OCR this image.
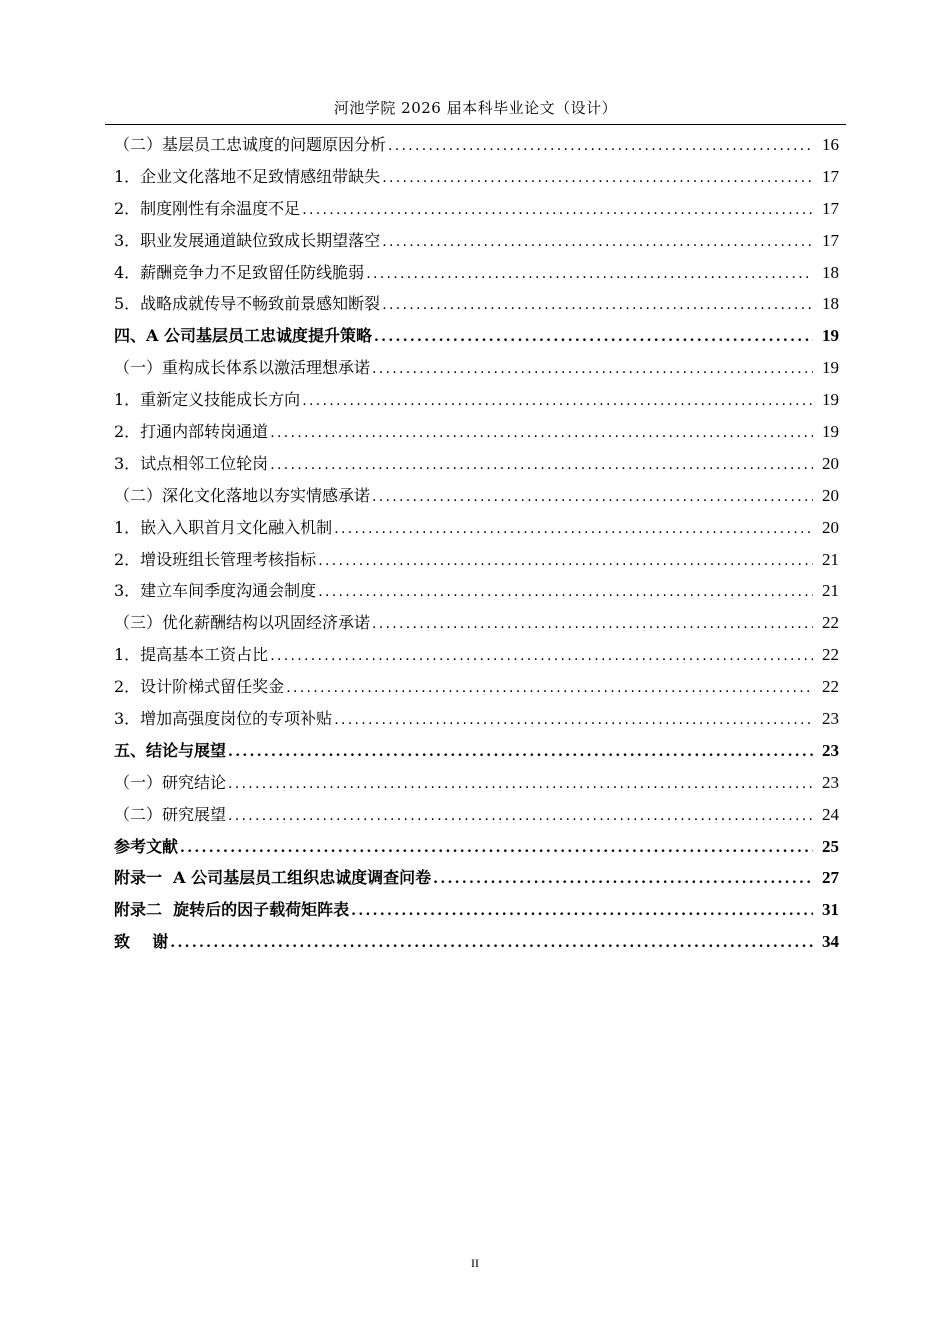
河池学院 2026 届本科毕业论文（设计）
（二）基层员工忠诚度的问题原因分析 .....	16
1．企业文化落地不足致情感纽带缺失 .....	17
2．制度刚性有余温度不足 .....	17
3．职业发展通道缺位致成长期望落空 .....	17
4．薪酬竞争力不足致留任防线脆弱 .....	18
5．战略成就传导不畅致前景感知断裂 .....	18
四、A 公司基层员工忠诚度提升策略 .....	19
（一）重构成长体系以激活理想承诺 .....	19
1．重新定义技能成长方向 .....	19
2．打通内部转岗通道 .....	19
3．试点相邻工位轮岗 .....	20
（二）深化文化落地以夯实情感承诺 .....	20
1．嵌入入职首月文化融入机制 .....	20
2．增设班组长管理考核指标 .....	21
3．建立车间季度沟通会制度 .....	21
（三）优化薪酬结构以巩固经济承诺 .....	22
1．提高基本工资占比 .....	22
2．设计阶梯式留任奖金 .....	22
3．增加高强度岗位的专项补贴 .....	23
五、结论与展望 .....	23
（一）研究结论 .....	23
（二）研究展望 .....	24
参考文献 .....	25
附录一  A 公司基层员工组织忠诚度调查问卷 .....	27
附录二  旋转后的因子载荷矩阵表 .....	31
致    谢 .....	34
II
